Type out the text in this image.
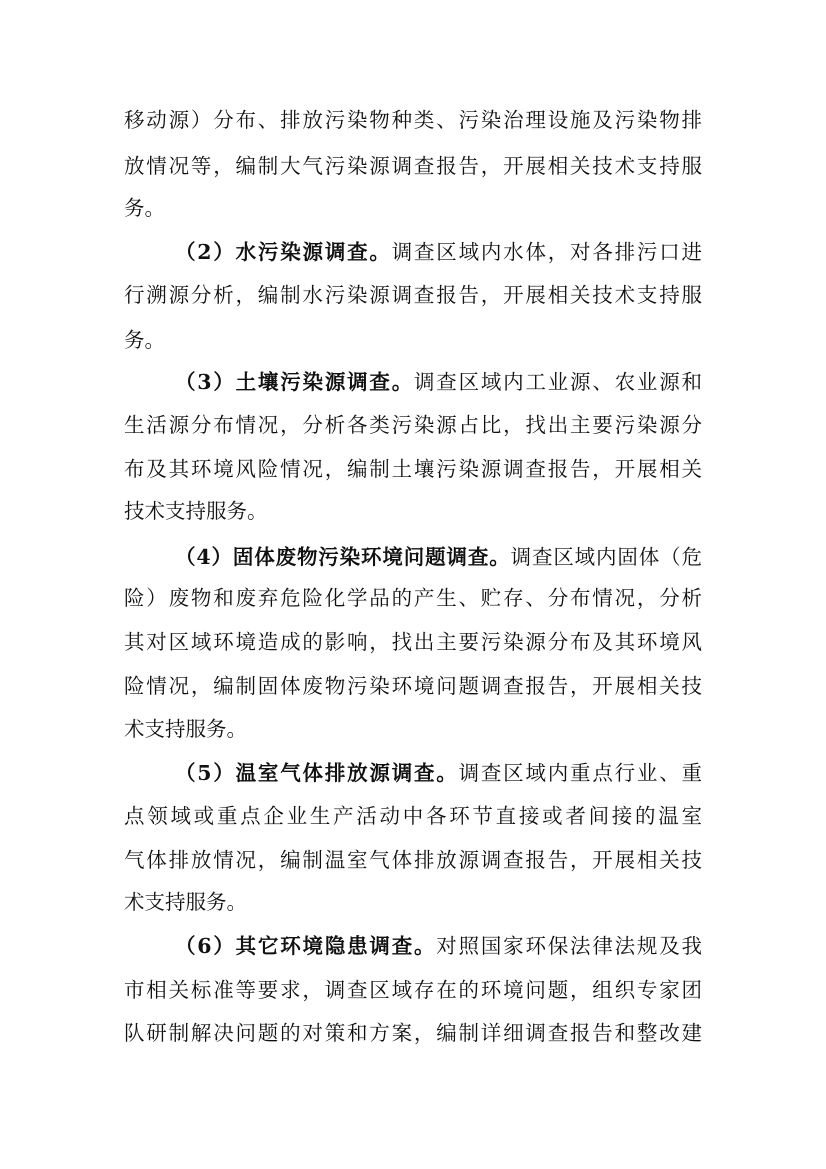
移动源）分布、排放污染物种类、污染治理设施及污染物排
放情况等，编制大气污染源调查报告，开展相关技术支持服
务。
（2）水污染源调查。调查区域内水体，对各排污口进
行溯源分析，编制水污染源调查报告，开展相关技术支持服
务。
（3）土壤污染源调查。调查区域内工业源、农业源和
生活源分布情况，分析各类污染源占比，找出主要污染源分
布及其环境风险情况，编制土壤污染源调查报告，开展相关
技术支持服务。
（4）固体废物污染环境问题调查。调查区域内固体（危
险）废物和废弃危险化学品的产生、贮存、分布情况，分析
其对区域环境造成的影响，找出主要污染源分布及其环境风
险情况，编制固体废物污染环境问题调查报告，开展相关技
术支持服务。
（5）温室气体排放源调查。调查区域内重点行业、重
点领域或重点企业生产活动中各环节直接或者间接的温室
气体排放情况，编制温室气体排放源调查报告，开展相关技
术支持服务。
（6）其它环境隐患调查。对照国家环保法律法规及我
市相关标准等要求，调查区域存在的环境问题，组织专家团
队研制解决问题的对策和方案，编制详细调查报告和整改建
